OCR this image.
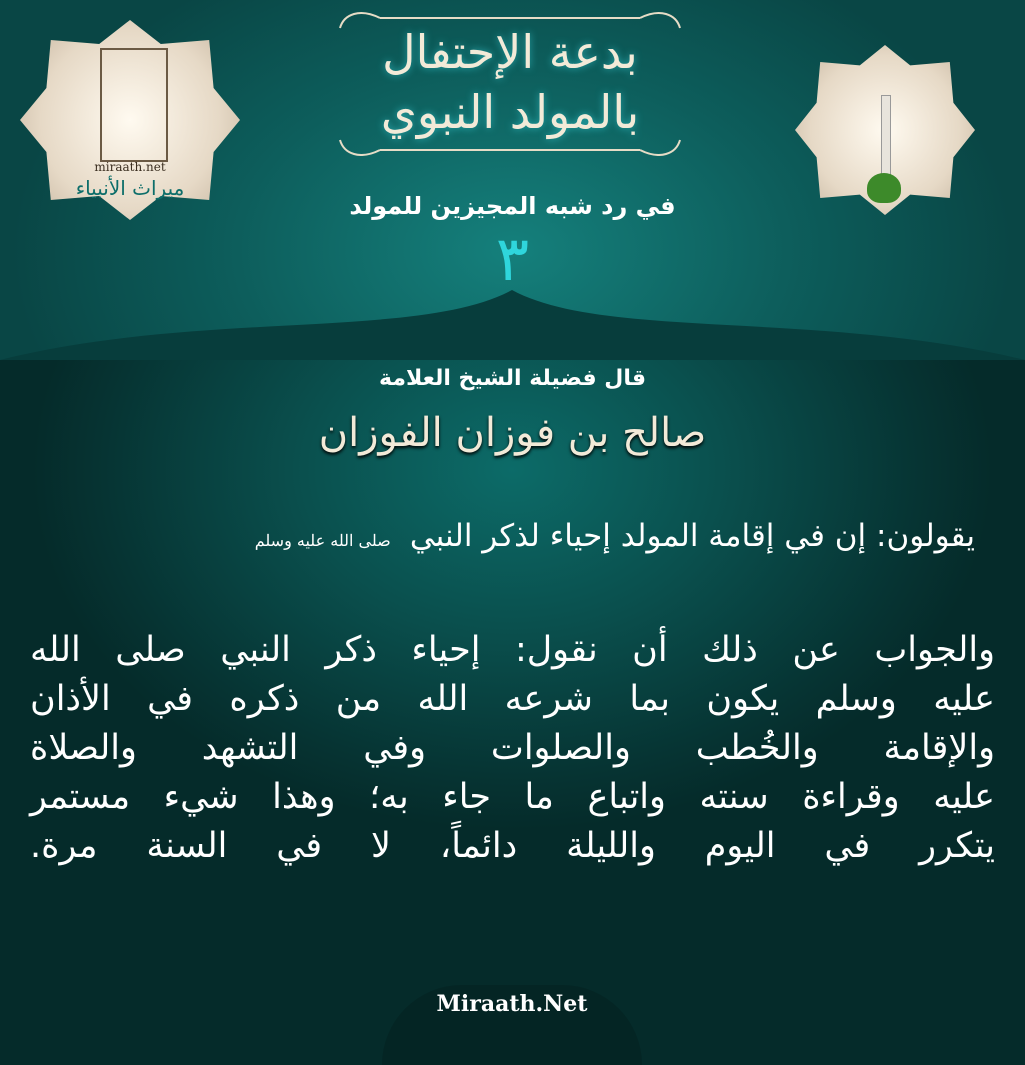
بدعة الإحتفال
بالمولد النبوي
في رد شبه المجيزين للمولد
٣
miraath.net
ميراث الأنبياء
قال فضيلة الشيخ العلامة
صالح بن فوزان الفوزان
يقولون: إن في إقامة المولد إحياء لذكر النبي صلى الله عليه وسلم
والجواب عن ذلك أن نقول: إحياء ذكر النبي صلى الله
عليه وسلم يكون بما شرعه الله من ذكره في الأذان
والإقامة والخُطب والصلوات وفي التشهد والصلاة
عليه وقراءة سنته واتباع ما جاء به؛ وهذا شيء مستمر
يتكرر في اليوم والليلة دائماً، لا في السنة مرة.
Miraath.Net
